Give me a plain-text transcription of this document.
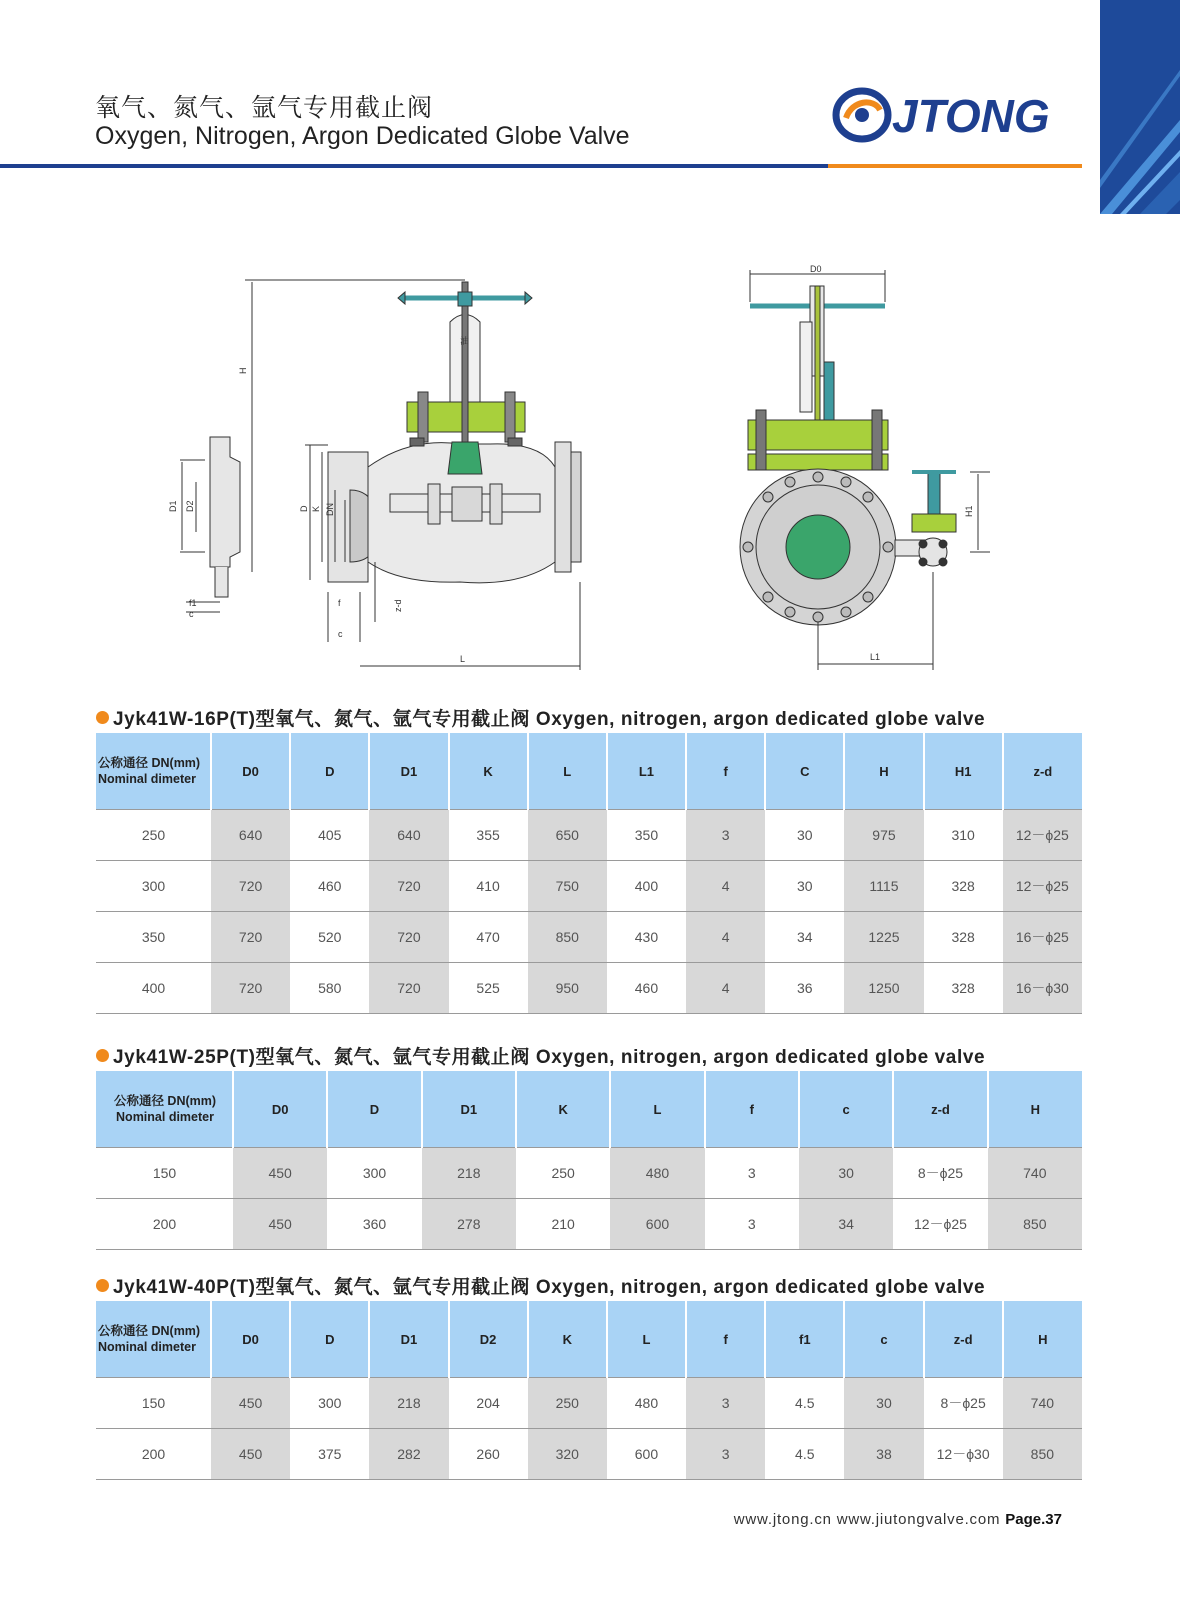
氧气、氮气、氩气专用截止阀
Oxygen, Nitrogen, Argon Dedicated Globe Valve	JTONG
H
D1 D2	D K DN
f1
c
f
c
z-d
L
油
D0
H1
L1
Jyk41W-16P(T)型氧气、氮气、氩气专用截止阀 Oxygen, nitrogen, argon dedicated globe valve
公称通径 DN(mm)
Nominal dimeter	D0	D	D1	K	L	L1	f	C	H	H1	z-d
250	640	405	640	355	650	350	3	30	975	310	12－ϕ25
300	720	460	720	410	750	400	4	30	1115	328	12－ϕ25
350	720	520	720	470	850	430	4	34	1225	328	16－ϕ25
400	720	580	720	525	950	460	4	36	1250	328	16－ϕ30
Jyk41W-25P(T)型氧气、氮气、氩气专用截止阀 Oxygen, nitrogen, argon dedicated globe valve
公称通径 DN(mm)
Nominal dimeter	D0	D	D1	K	L	f	c	z-d	H
150	450	300	218	250	480	3	30	8－ϕ25	740
200	450	360	278	210	600	3	34	12－ϕ25	850
Jyk41W-40P(T)型氧气、氮气、氩气专用截止阀 Oxygen, nitrogen, argon dedicated globe valve
公称通径 DN(mm)
Nominal dimeter	D0	D	D1	D2	K	L	f	f1	c	z-d	H
150	450	300	218	204	250	480	3	4.5	30	8－ϕ25	740
200	450	375	282	260	320	600	3	4.5	38	12－ϕ30	850
www.jtong.cn www.jiutongvalve.com Page.37
